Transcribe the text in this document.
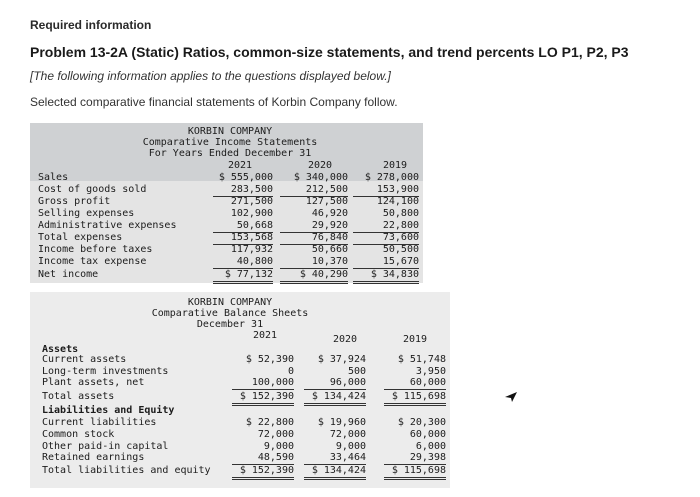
Required information
Problem 13-2A (Static) Ratios, common-size statements, and trend percents LO P1, P2, P3
[The following information applies to the questions displayed below.]
Selected comparative financial statements of Korbin Company follow.
KORBIN COMPANY
Comparative Income Statements
For Years Ended December 31
2021	2020	2019
Sales	$ 555,000 $ 340,000 $ 278,000
Cost of goods sold	283,500	212,500	153,900
Gross profit	271,500	127,500	124,100
Selling expenses	102,900	46,920	50,800
Administrative expenses	50,668	29,920	22,800
Total expenses	153,568	76,840	73,600
Income before taxes	117,932	50,660	50,500
Income tax expense	40,800	10,370	15,670
Net income	$ 77,132	$ 40,290	$ 34,830
KORBIN COMPANY
Comparative Balance Sheets
December 31
2021	2020	2019
Assets
Current assets	$ 52,390 $ 37,924	$ 51,748
Long-term investments	0	500	3,950
Plant assets, net	100,000	96,000	60,000
Total assets	$ 152,390	$ 134,424	$ 115,698
Liabilities and Equity
Current liabilities	$ 22,800 $ 19,960	$ 20,300
Common stock	72,000	72,000	60,000
Other paid-in capital	9,000	9,000	6,000
Retained earnings	48,590	33,464	29,398
Total liabilities and equity	$ 152,390	$ 134,424	$ 115,698
